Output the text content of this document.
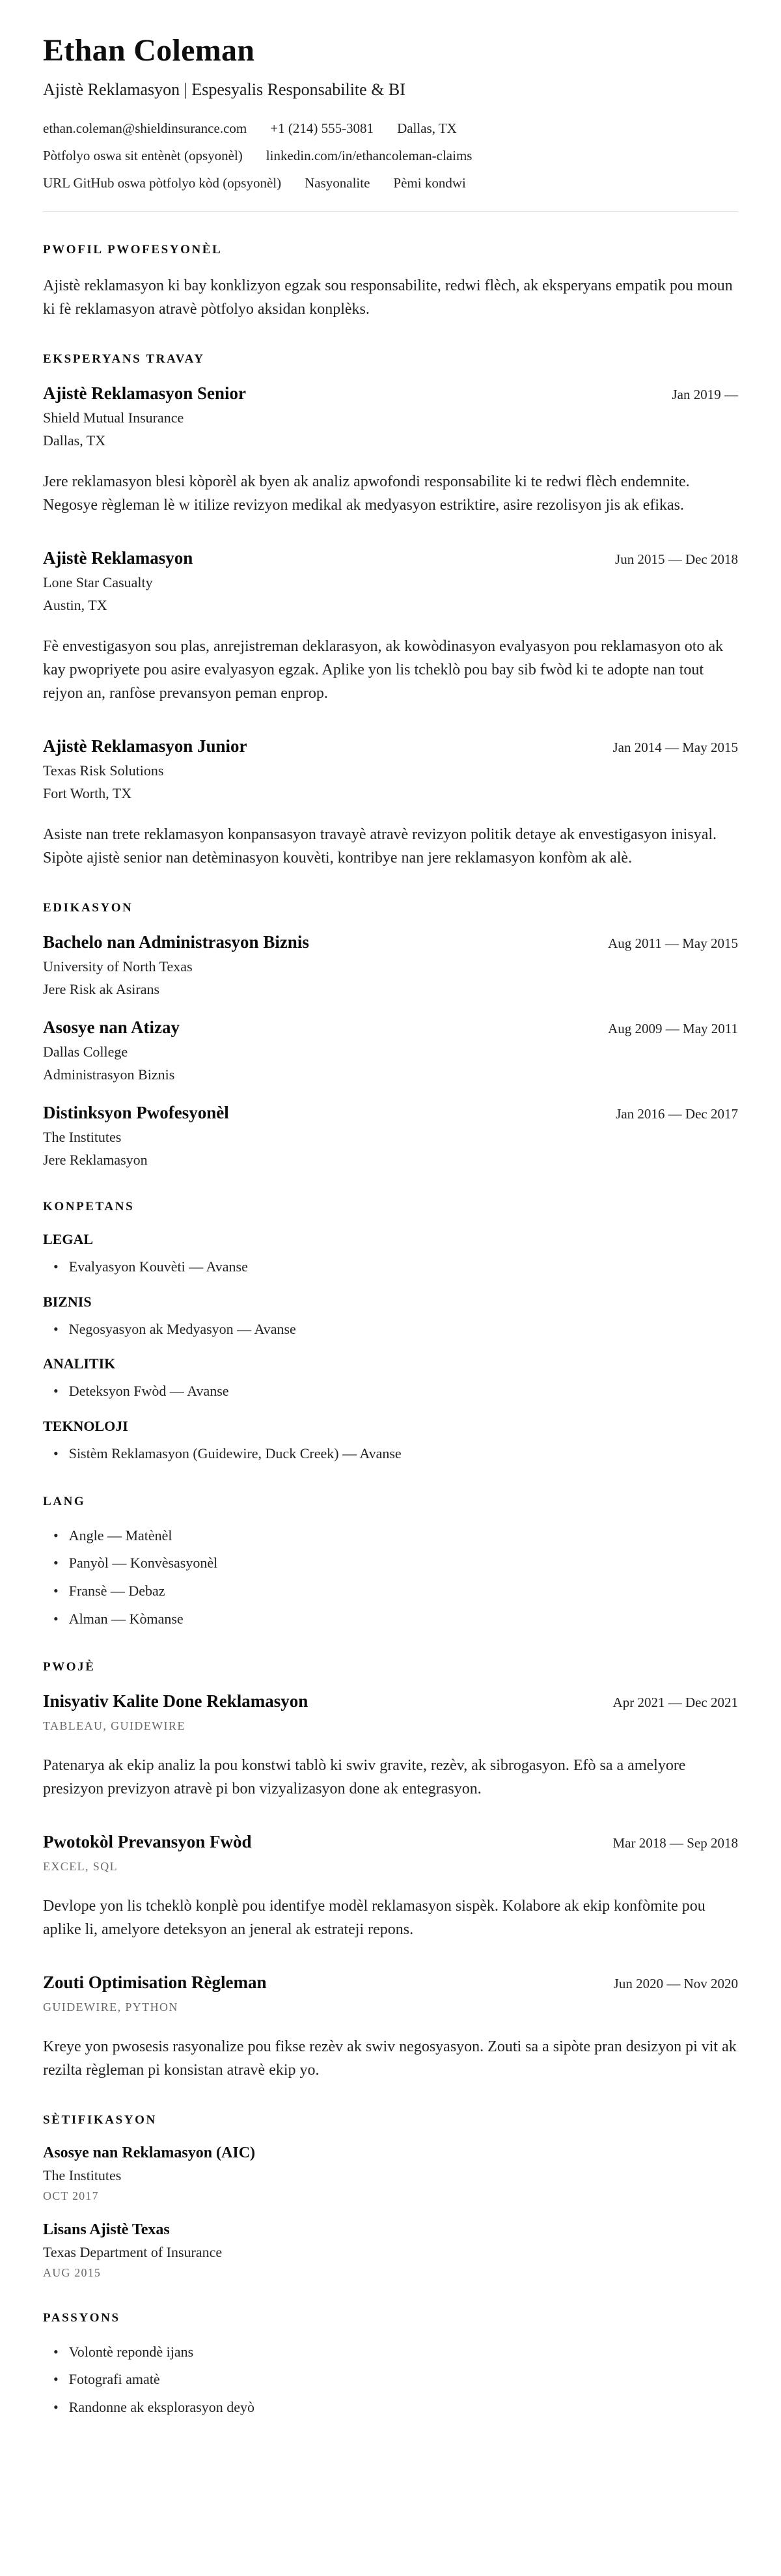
Ethan Coleman
Ajistè Reklamasyon | Espesyalis Responsabilite & BI
ethan.coleman@shieldinsurance.com +1 (214) 555-3081 Dallas, TX
Pòtfolyo oswa sit entènèt (opsyonèl) linkedin.com/in/ethancoleman-claims
URL GitHub oswa pòtfolyo kòd (opsyonèl) Nasyonalite Pèmi kondwi
PWOFIL PWOFESYONÈL

Ajistè reklamasyon ki bay konklizyon egzak sou responsabilite, redwi flèch, ak eksperyans empatik pou moun ki fè reklamasyon atravè pòtfolyo aksidan konplèks.

EKSPERYANS TRAVAY
Ajistè Reklamasyon Senior	Jan 2019 —
Shield Mutual Insurance
Dallas, TX

Jere reklamasyon blesi kòporèl ak byen ak analiz apwofondi responsabilite ki te redwi flèch endemnite. Negosye règleman lè w itilize revizyon medikal ak medyasyon estriktire, asire rezolisyon jis ak efikas.

Ajistè Reklamasyon	Jun 2015 — Dec 2018
Lone Star Casualty
Austin, TX

Fè envestigasyon sou plas, anrejistreman deklarasyon, ak kowòdinasyon evalyasyon pou reklamasyon oto ak kay pwopriyete pou asire evalyasyon egzak. Aplike yon lis tcheklò pou bay sib fwòd ki te adopte nan tout rejyon an, ranfòse prevansyon peman enprop.

Ajistè Reklamasyon Junior	Jan 2014 — May 2015
Texas Risk Solutions
Fort Worth, TX

Asiste nan trete reklamasyon konpansasyon travayè atravè revizyon politik detaye ak envestigasyon inisyal. Sipòte ajistè senior nan detèminasyon kouvèti, kontribye nan jere reklamasyon konfòm ak alè.

EDIKASYON
Bachelo nan Administrasyon Biznis	Aug 2011 — May 2015
University of North Texas
Jere Risk ak Asirans
Asosye nan Atizay	Aug 2009 — May 2011
Dallas College
Administrasyon Biznis
Distinksyon Pwofesyonèl	Jan 2016 — Dec 2017
The Institutes
Jere Reklamasyon
KONPETANS
LEGAL
• Evalyasyon Kouvèti — Avanse
BIZNIS
• Negosyasyon ak Medyasyon — Avanse
ANALITIK
• Deteksyon Fwòd — Avanse
TEKNOLOJI
• Sistèm Reklamasyon (Guidewire, Duck Creek) — Avanse
LANG
• Angle — Matènèl
• Panyòl — Konvèsasyonèl
• Fransè — Debaz
• Alman — Kòmanse
PWOJÈ
Inisyativ Kalite Done Reklamasyon	Apr 2021 — Dec 2021
TABLEAU, GUIDEWIRE

Patenarya ak ekip analiz la pou konstwi tablò ki swiv gravite, rezèv, ak sibrogasyon. Efò sa a amelyore presizyon previzyon atravè pi bon vizyalizasyon done ak entegrasyon.

Pwotokòl Prevansyon Fwòd	Mar 2018 — Sep 2018
EXCEL, SQL

Devlope yon lis tcheklò konplè pou identifye modèl reklamasyon sispèk. Kolabore ak ekip konfòmite pou aplike li, amelyore deteksyon an jeneral ak estrateji repons.

Zouti Optimisation Règleman	Jun 2020 — Nov 2020
GUIDEWIRE, PYTHON

Kreye yon pwosesis rasyonalize pou fikse rezèv ak swiv negosyasyon. Zouti sa a sipòte pran desizyon pi vit ak rezilta règleman pi konsistan atravè ekip yo.

SÈTIFIKASYON
Asosye nan Reklamasyon (AIC)
The Institutes
OCT 2017
Lisans Ajistè Texas
Texas Department of Insurance
AUG 2015
PASSYONS
• Volontè repondè ijans
• Fotografi amatè
• Randonne ak eksplorasyon deyò
